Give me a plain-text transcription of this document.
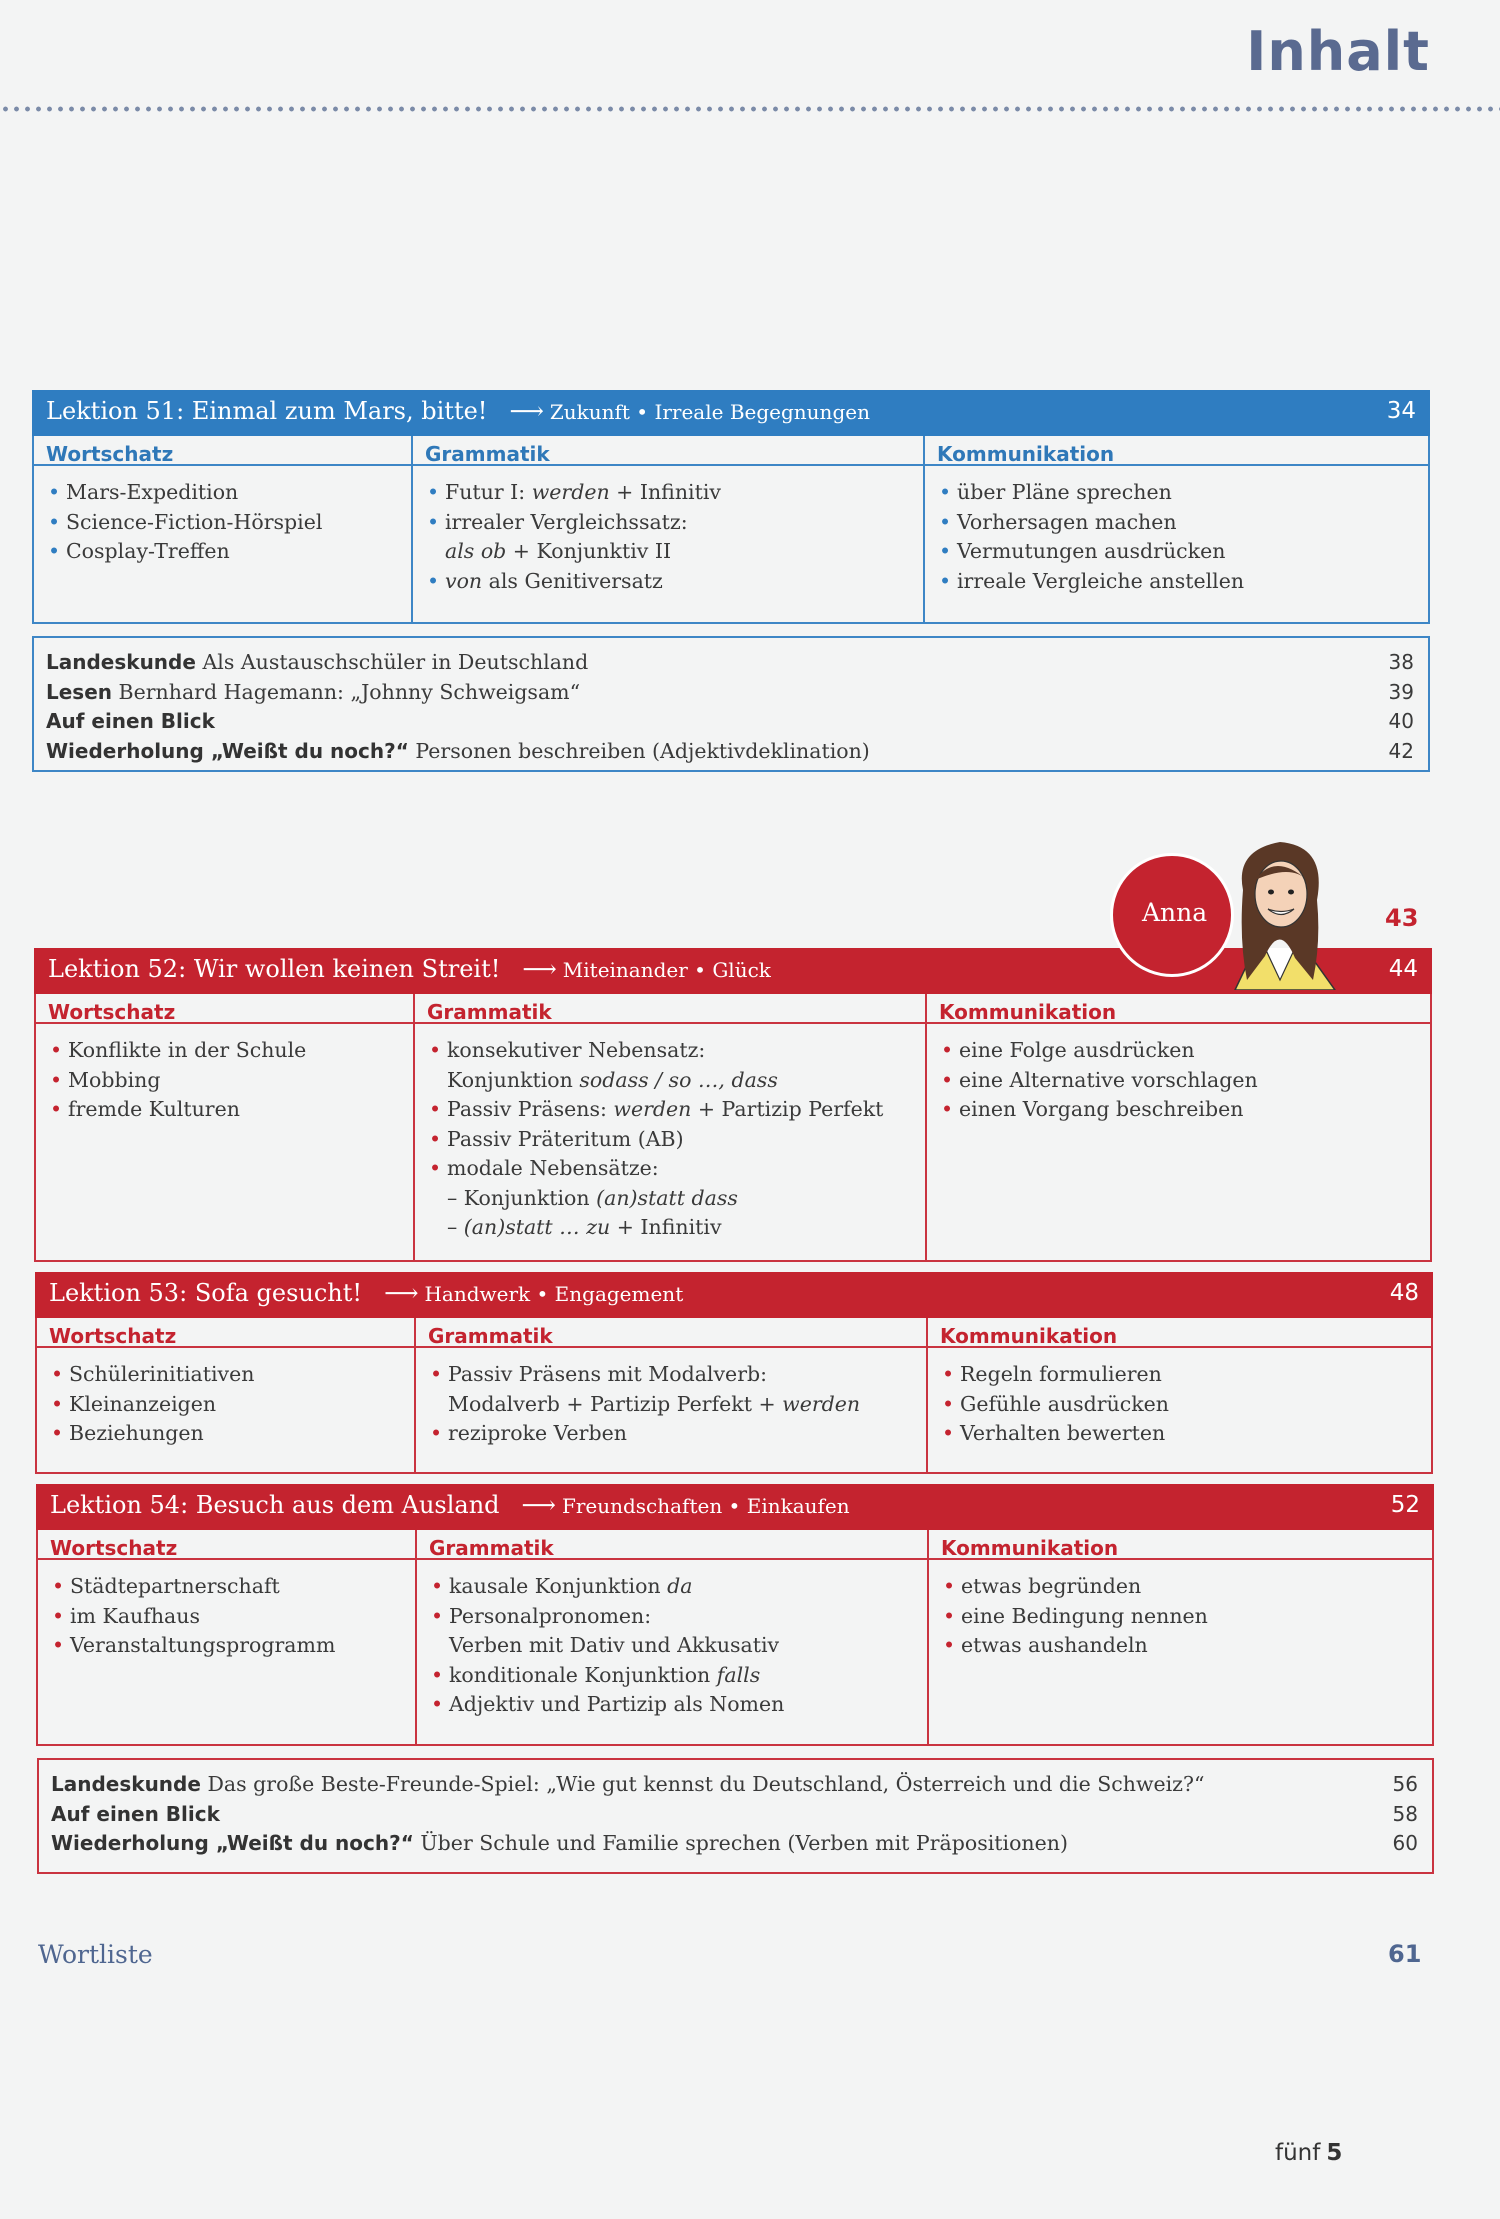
Inhalt
Lektion 51: Einmal zum Mars, bitte! ⟶ Zukunft • Irreale Begegnungen	34
Wortschatz
• Mars-Expedition
• Science-Fiction-Hörspiel
• Cosplay-Treffen
Grammatik
• Futur I: werden + Infinitiv
• irrealer Vergleichssatz:
als ob + Konjunktiv II
• von als Genitiversatz
Kommunikation
• über Pläne sprechen
• Vorhersagen machen
• Vermutungen ausdrücken
• irreale Vergleiche anstellen
Landeskunde Als Austauschschüler in Deutschland	38
Lesen Bernhard Hagemann: „Johnny Schweigsam“	39
Auf einen Blick	40
Wiederholung „Weißt du noch?“ Personen beschreiben (Adjektivdeklination)	42
43
Lektion 52: Wir wollen keinen Streit! ⟶ Miteinander • Glück	44
Anna
Wortschatz
• Konflikte in der Schule
• Mobbing
• fremde Kulturen
Grammatik
• konsekutiver Nebensatz:
Konjunktion sodass / so …, dass
• Passiv Präsens: werden + Partizip Perfekt
• Passiv Präteritum (AB)
• modale Nebensätze:
– Konjunktion (an)statt dass
– (an)statt … zu + Infinitiv
Kommunikation
• eine Folge ausdrücken
• eine Alternative vorschlagen
• einen Vorgang beschreiben
Lektion 53: Sofa gesucht! ⟶ Handwerk • Engagement	48
Wortschatz
• Schülerinitiativen
• Kleinanzeigen
• Beziehungen
Grammatik
• Passiv Präsens mit Modalverb:
Modalverb + Partizip Perfekt + werden
• reziproke Verben
Kommunikation
• Regeln formulieren
• Gefühle ausdrücken
• Verhalten bewerten
Lektion 54: Besuch aus dem Ausland ⟶ Freundschaften • Einkaufen	52
Wortschatz
• Städtepartnerschaft
• im Kaufhaus
• Veranstaltungsprogramm
Grammatik
• kausale Konjunktion da
• Personalpronomen:
Verben mit Dativ und Akkusativ
• konditionale Konjunktion falls
• Adjektiv und Partizip als Nomen
Kommunikation
• etwas begründen
• eine Bedingung nennen
• etwas aushandeln
Landeskunde Das große Beste-Freunde-Spiel: „Wie gut kennst du Deutschland, Österreich und die Schweiz?“	56
Auf einen Blick	58
Wiederholung „Weißt du noch?“ Über Schule und Familie sprechen (Verben mit Präpositionen)	60
Wortliste	61
fünf 5
